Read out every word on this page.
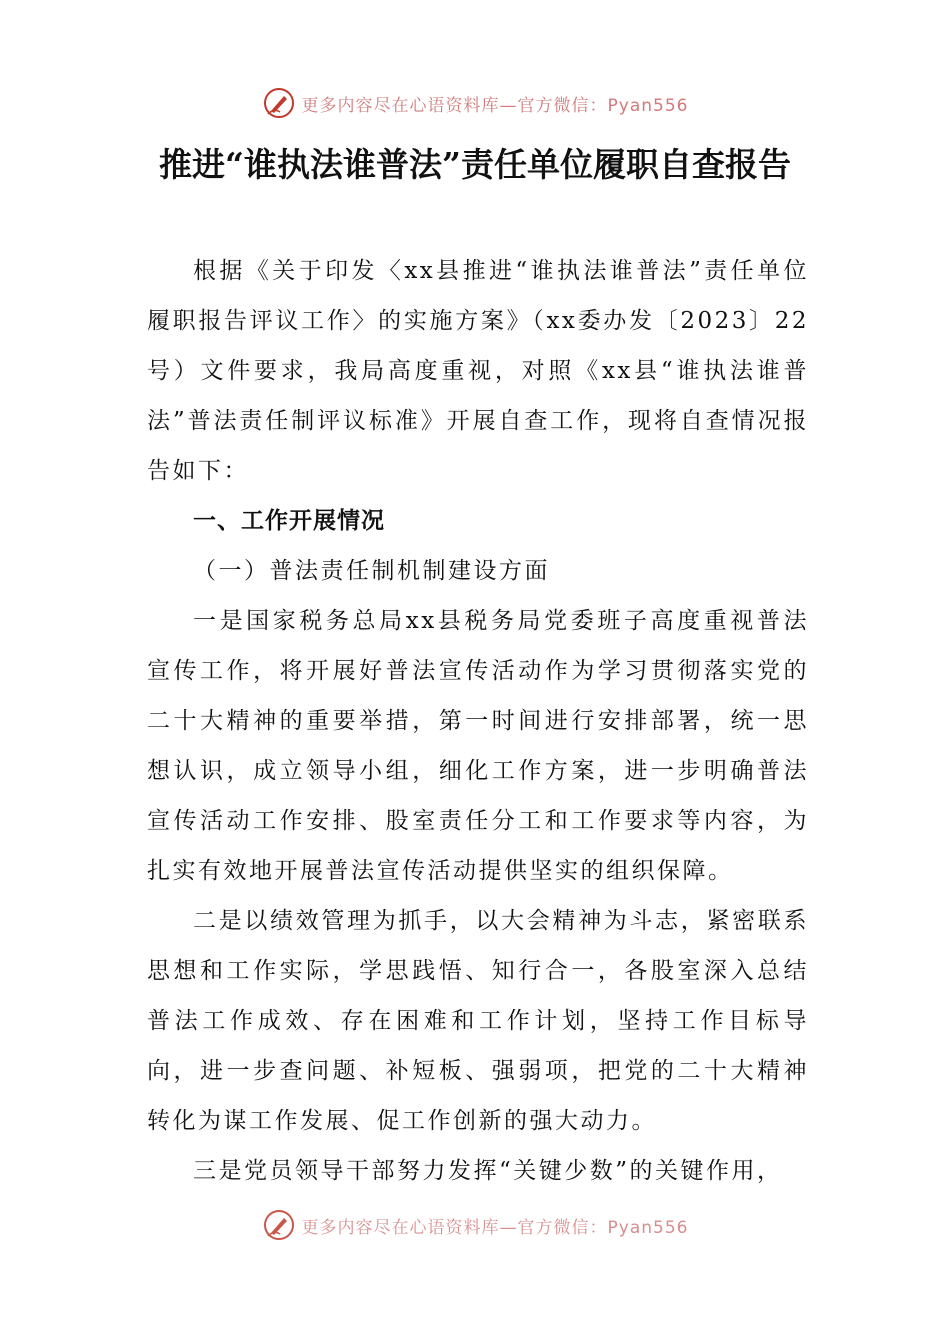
更多内容尽在心语资料库—官方微信：Pyan556
推进“谁执法谁普法”责任单位履职自查报告

根据《关于印发〈xx县推进“谁执法谁普法”责任单位履职报告评议工作〉的实施方案》（xx委办发〔2023〕22号）文件要求，我局高度重视，对照《xx县“谁执法谁普法”普法责任制评议标准》开展自查工作，现将自查情况报告如下：

一、工作开展情况
（一）普法责任制机制建设方面

一是国家税务总局xx县税务局党委班子高度重视普法宣传工作，将开展好普法宣传活动作为学习贯彻落实党的二十大精神的重要举措，第一时间进行安排部署，统一思想认识，成立领导小组，细化工作方案，进一步明确普法宣传活动工作安排、股室责任分工和工作要求等内容，为扎实有效地开展普法宣传活动提供坚实的组织保障。

二是以绩效管理为抓手，以大会精神为斗志，紧密联系思想和工作实际，学思践悟、知行合一，各股室深入总结普法工作成效、存在困难和工作计划，坚持工作目标导向，进一步查问题、补短板、强弱项，把党的二十大精神转化为谋工作发展、促工作创新的强大动力。

三是党员领导干部努力发挥“关键少数”的关键作用，

更多内容尽在心语资料库—官方微信：Pyan556
